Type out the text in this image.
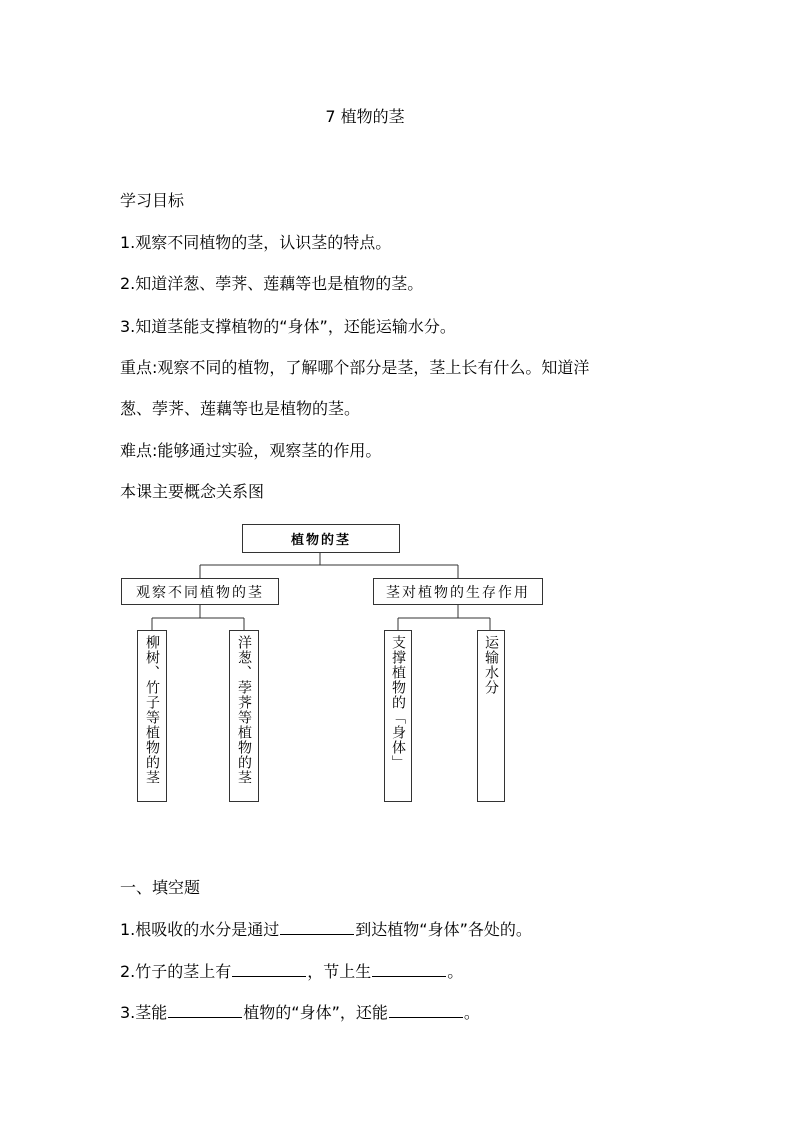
7 植物的茎
学习目标
1.观察不同植物的茎，认识茎的特点。
2.知道洋葱、荸荠、莲藕等也是植物的茎。
3.知道茎能支撑植物的“身体”，还能运输水分。
重点:观察不同的植物，了解哪个部分是茎，茎上长有什么。知道洋
葱、荸荠、莲藕等也是植物的茎。
难点:能够通过实验，观察茎的作用。
本课主要概念关系图
植物的茎
观察不同植物的茎	茎对植物的生存作用
柳树、竹子等植物的茎	洋葱、荸荠等植物的茎	支撑植物的「身体」	运输水分
一、填空题
1.根吸收的水分是通过	到达植物“身体”各处的。
2.竹子的茎上有	，节上生	。
3.茎能	植物的“身体”，还能	。
